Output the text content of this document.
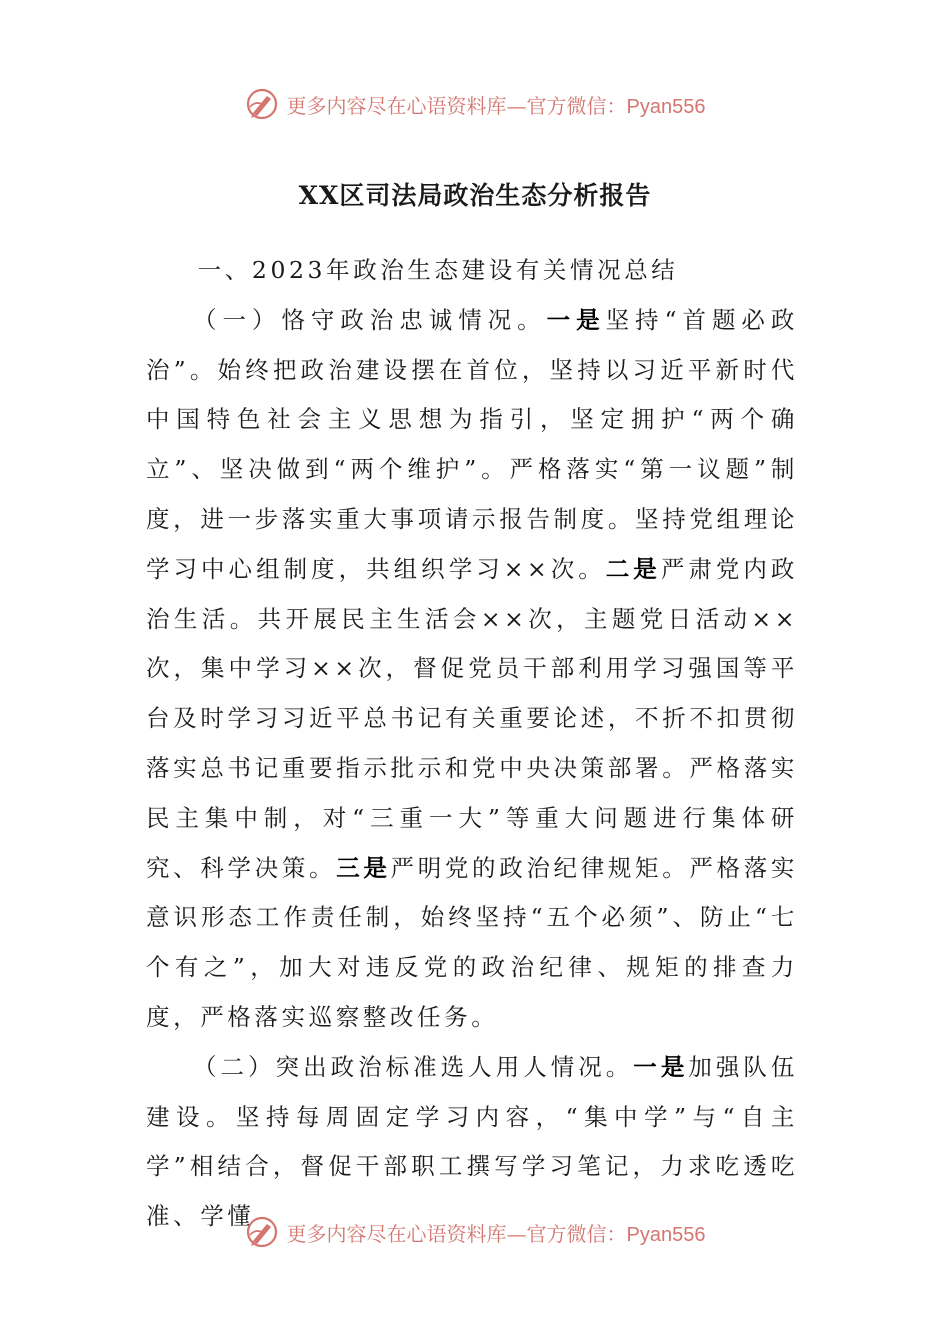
更多内容尽在心语资料库—官方微信：Pyan556
XX区司法局政治生态分析报告

一、2023年政治生态建设有关情况总结

（一）恪守政治忠诚情况。一是坚持“首题必政治”。始终把政治建设摆在首位，坚持以习近平新时代中国特色社会主义思想为指引，坚定拥护“两个确立”、坚决做到“两个维护”。严格落实“第一议题”制度，进一步落实重大事项请示报告制度。坚持党组理论学习中心组制度，共组织学习××次。二是严肃党内政治生活。共开展民主生活会××次，主题党日活动××次，集中学习××次，督促党员干部利用学习强国等平台及时学习习近平总书记有关重要论述，不折不扣贯彻落实总书记重要指示批示和党中央决策部署。严格落实民主集中制，对“三重一大”等重大问题进行集体研究、科学决策。三是严明党的政治纪律规矩。严格落实意识形态工作责任制，始终坚持“五个必须”、防止“七个有之”，加大对违反党的政治纪律、规矩的排查力度，严格落实巡察整改任务。

（二）突出政治标准选人用人情况。一是加强队伍建设。坚持每周固定学习内容，“集中学”与“自主学”相结合，督促干部职工撰写学习笔记，力求吃透吃准、学懂

更多内容尽在心语资料库—官方微信：Pyan556
